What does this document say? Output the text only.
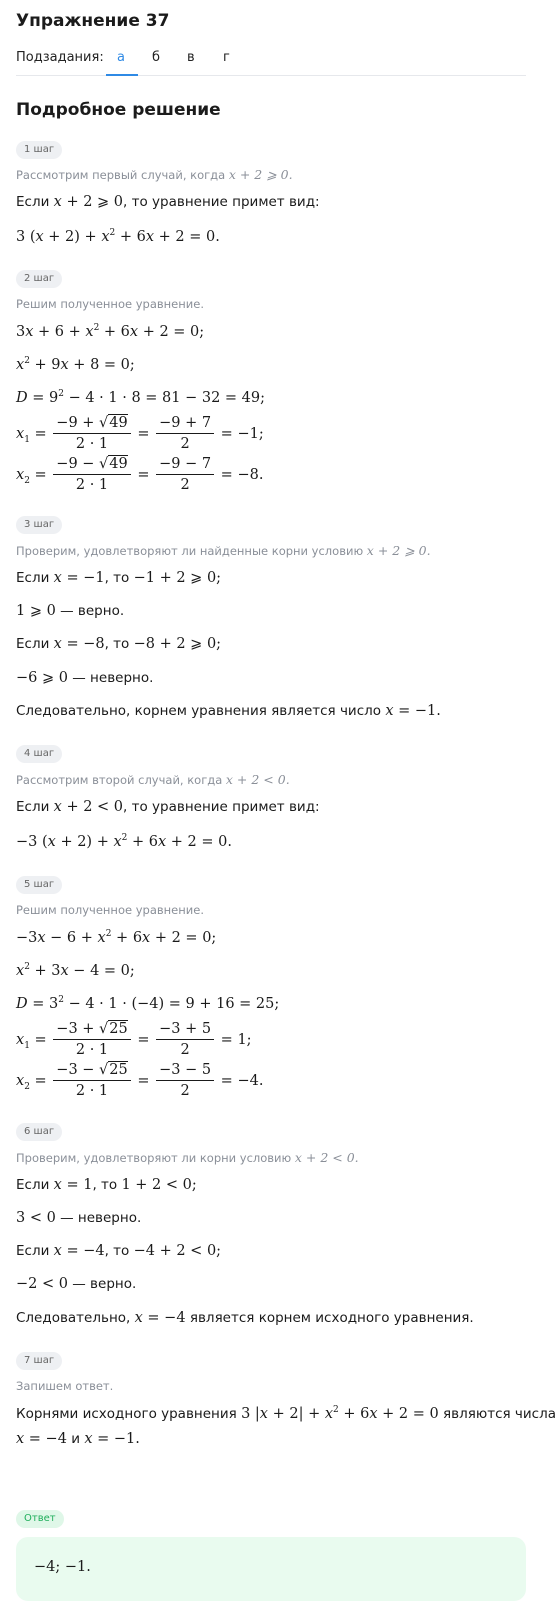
Упражнение 37
Подзадания: а б в г
Подробное решение
1 шаг
Рассмотрим первый случай, когда x + 2 ⩾ 0.
Если x + 2 ⩾ 0, то уравнение примет вид:
3 $(x + 2) + x^2 + 6x + 2 = 0$.
2 шаг
Решим полученное уравнение.
$3x + 6 + x^2 + 6x + 2 = 0$;
$x^2 + 9x + 8 = 0$;
$D = 9^2 - 4 \cdot 1 \cdot 8 = 81 - 32 = 49$;
$x_1 = \frac{-9 + √49}{2 \cdot 1} = \frac{-9 + 7}{2} = -1$;
$x_2 = \frac{-9 - √49}{2 \cdot 1} = \frac{-9 - 7}{2} = -8$.
3 шаг
Проверим, удовлетворяют ли найденные корни условию x + 2 ⩾ 0.
Если x = −1, то −1 + 2 ⩾ 0;
1 ⩾ 0 — верно.
Если x = −8, то −8 + 2 ⩾ 0;
−6 ⩾ 0 — неверно.
Следовательно, корнем уравнения является число x = −1.
4 шаг
Рассмотрим второй случай, когда x + 2 < 0.
Если x + 2 < 0, то уравнение примет вид:
−3 $(x + 2) + x^2 + 6x + 2 = 0$.
5 шаг
Решим полученное уравнение.
$-3x - 6 + x^2 + 6x + 2 = 0$;
$x^2 + 3x - 4 = 0$;
$D = 3^2 - 4 \cdot 1 \cdot (-4) = 9 + 16 = 25$;
$x_1 = \frac{-3 + √25}{2 \cdot 1} = \frac{-3 + 5}{2} = 1$;
$x_2 = \frac{-3 - √25}{2 \cdot 1} = \frac{-3 - 5}{2} = -4$.
6 шаг
Проверим, удовлетворяют ли корни условию x + 2 < 0.
Если x = 1, то 1 + 2 < 0;
3 < 0 — неверно.
Если x = −4, то −4 + 2 < 0;
−2 < 0 — верно.
Следовательно, x = −4 является корнем исходного уравнения.
7 шаг
Запишем ответ.
Корнями исходного уравнения 3 $|x + 2| + x^2 + 6x + 2 = 0$ являются числа
x = −4 и x = −1.
Ответ
−4; −1.
